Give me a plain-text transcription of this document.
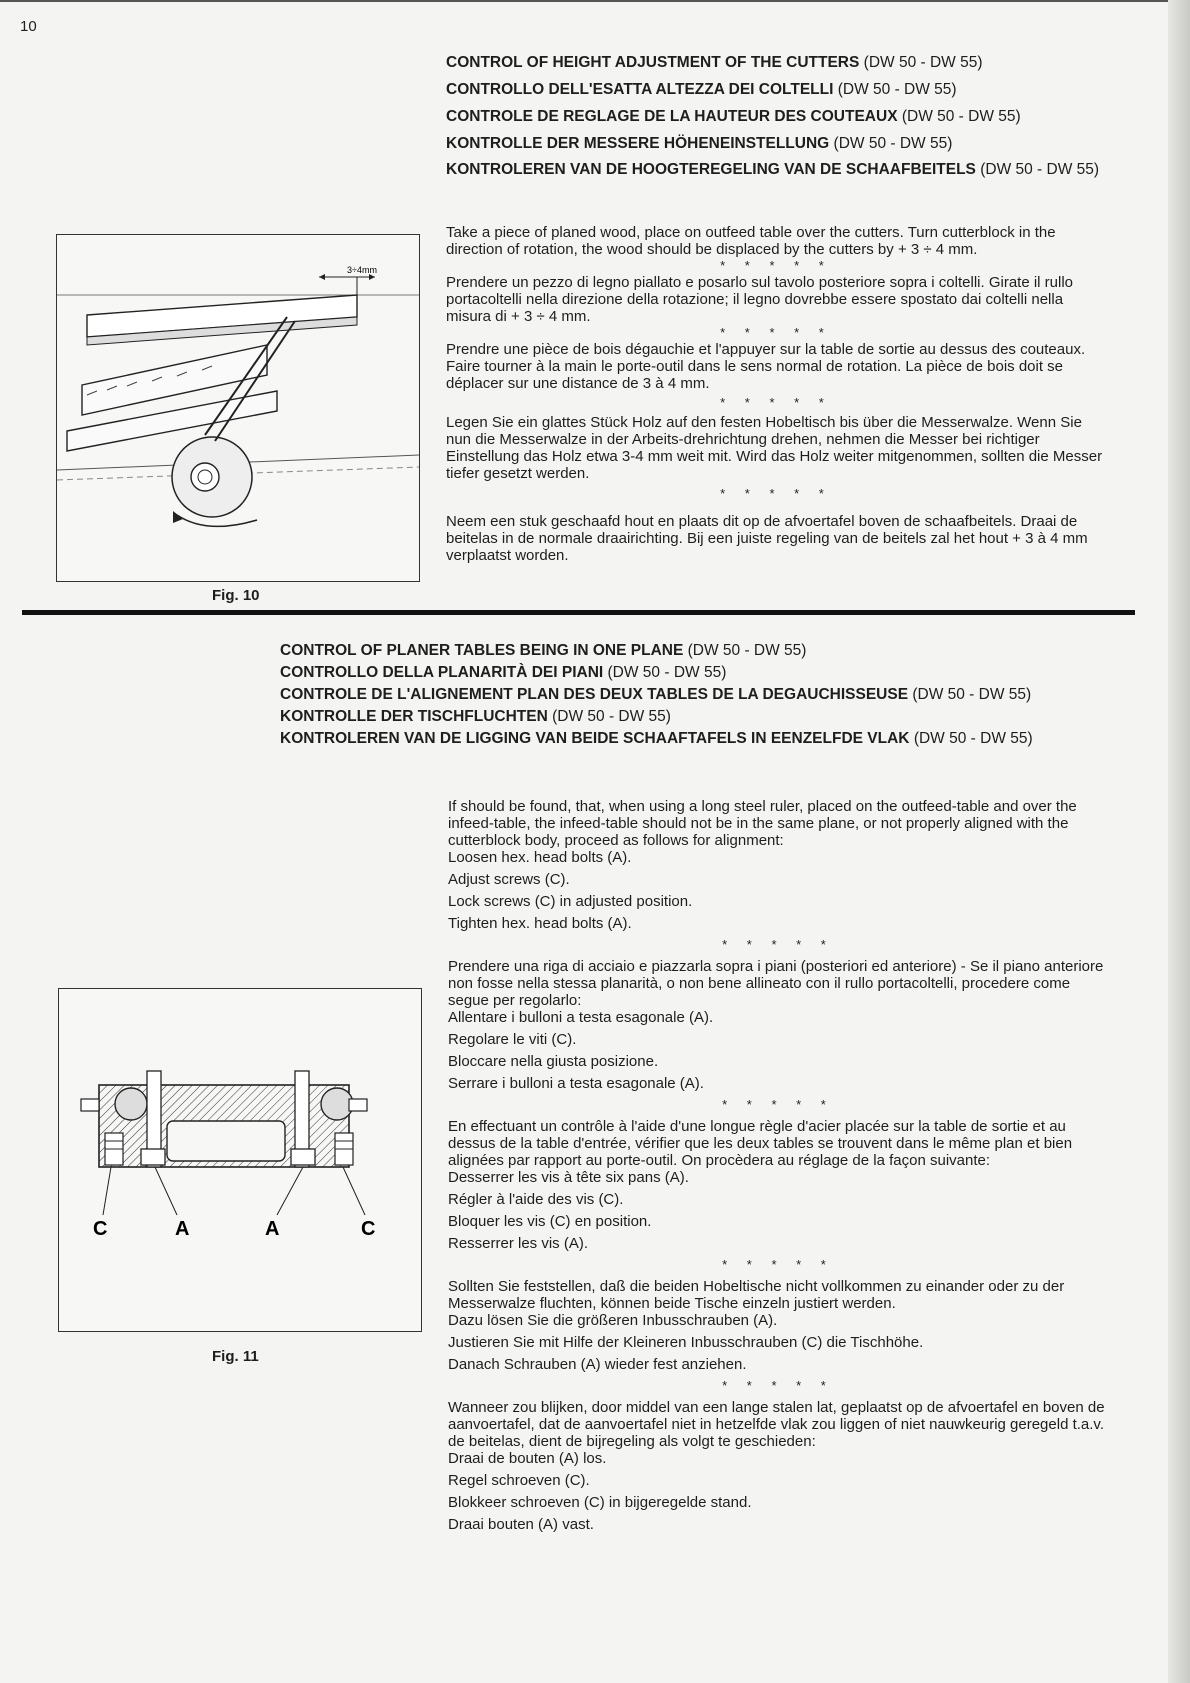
10
CONTROL OF HEIGHT ADJUSTMENT OF THE CUTTERS (DW 50 - DW 55)
CONTROLLO DELL'ESATTA ALTEZZA DEI COLTELLI (DW 50 - DW 55)
CONTROLE DE REGLAGE DE LA HAUTEUR DES COUTEAUX (DW 50 - DW 55)
KONTROLLE DER MESSERE HÖHENEINSTELLUNG (DW 50 - DW 55)
KONTROLEREN VAN DE HOOGTEREGELING VAN DE SCHAAFBEITELS (DW 50 - DW 55)

Take a piece of planed wood, place on outfeed table over the cutters. Turn cutterblock in the direction of rotation, the wood should be displaced by the cutters by + 3 ÷ 4 mm.

* * * * *

Prendere un pezzo di legno piallato e posarlo sul tavolo posteriore sopra i coltelli. Girate il rullo portacoltelli nella direzione della rotazione; il legno dovrebbe essere spostato dai coltelli nella misura di + 3 ÷ 4 mm.

* * * * *

Prendre une pièce de bois dégauchie et l'appuyer sur la table de sortie au dessus des couteaux. Faire tourner à la main le porte-outil dans le sens normal de rotation. La pièce de bois doit se déplacer sur une distance de 3 à 4 mm.

* * * * *

Legen Sie ein glattes Stück Holz auf den festen Hobeltisch bis über die Messerwalze. Wenn Sie nun die Messerwalze in der Arbeits-drehrichtung drehen, nehmen die Messer bei richtiger Einstellung das Holz etwa 3-4 mm weit mit. Wird das Holz weiter mitgenommen, sollten die Messer tiefer gesetzt werden.

* * * * *

Neem een stuk geschaafd hout en plaats dit op de afvoertafel boven de schaafbeitels. Draai de beitelas in de normale draairichting. Bij een juiste regeling van de beitels zal het hout + 3 à 4 mm verplaatst worden.

3÷4mm
Fig. 10
CONTROL OF PLANER TABLES BEING IN ONE PLANE (DW 50 - DW 55)
CONTROLLO DELLA PLANARITÀ DEI PIANI (DW 50 - DW 55)
CONTROLE DE L'ALIGNEMENT PLAN DES DEUX TABLES DE LA DEGAUCHISSEUSE (DW 50 - DW 55)
KONTROLLE DER TISCHFLUCHTEN (DW 50 - DW 55)
KONTROLEREN VAN DE LIGGING VAN BEIDE SCHAAFTAFELS IN EENZELFDE VLAK (DW 50 - DW 55)

If should be found, that, when using a long steel ruler, placed on the outfeed-table and over the infeed-table, the infeed-table should not be in the same plane, or not properly aligned with the cutterblock body, proceed as follows for alignment:

Loosen hex. head bolts (A).

Adjust screws (C).

Lock screws (C) in adjusted position.

Tighten hex. head bolts (A).

* * * * *

Prendere una riga di acciaio e piazzarla sopra i piani (posteriori ed anteriore) - Se il piano anteriore non fosse nella stessa planarità, o non bene allineato con il rullo portacoltelli, procedere come segue per regolarlo:

Allentare i bulloni a testa esagonale (A).

Regolare le viti (C).

Bloccare nella giusta posizione.

Serrare i bulloni a testa esagonale (A).

* * * * *

En effectuant un contrôle à l'aide d'une longue règle d'acier placée sur la table de sortie et au dessus de la table d'entrée, vérifier que les deux tables se trouvent dans le même plan et bien alignées par rapport au porte-outil. On procèdera au réglage de la façon suivante:

Desserrer les vis à tête six pans (A).

Régler à l'aide des vis (C).

Bloquer les vis (C) en position.

Resserrer les vis (A).

* * * * *

Sollten Sie feststellen, daß die beiden Hobeltische nicht vollkommen zu einander oder zu der Messerwalze fluchten, können beide Tische einzeln justiert werden.

Dazu lösen Sie die größeren Inbusschrauben (A).

Justieren Sie mit Hilfe der Kleineren Inbusschrauben (C) die Tischhöhe.

Danach Schrauben (A) wieder fest anziehen.

* * * * *

Wanneer zou blijken, door middel van een lange stalen lat, geplaatst op de afvoertafel en boven de aanvoertafel, dat de aanvoertafel niet in hetzelfde vlak zou liggen of niet nauwkeurig geregeld t.a.v. de beitelas, dient de bijregeling als volgt te geschieden:

Draai de bouten (A) los.

Regel schroeven (C).

Blokkeer schroeven (C) in bijgeregelde stand.

Draai bouten (A) vast.

C	A	A	C
Fig. 11
